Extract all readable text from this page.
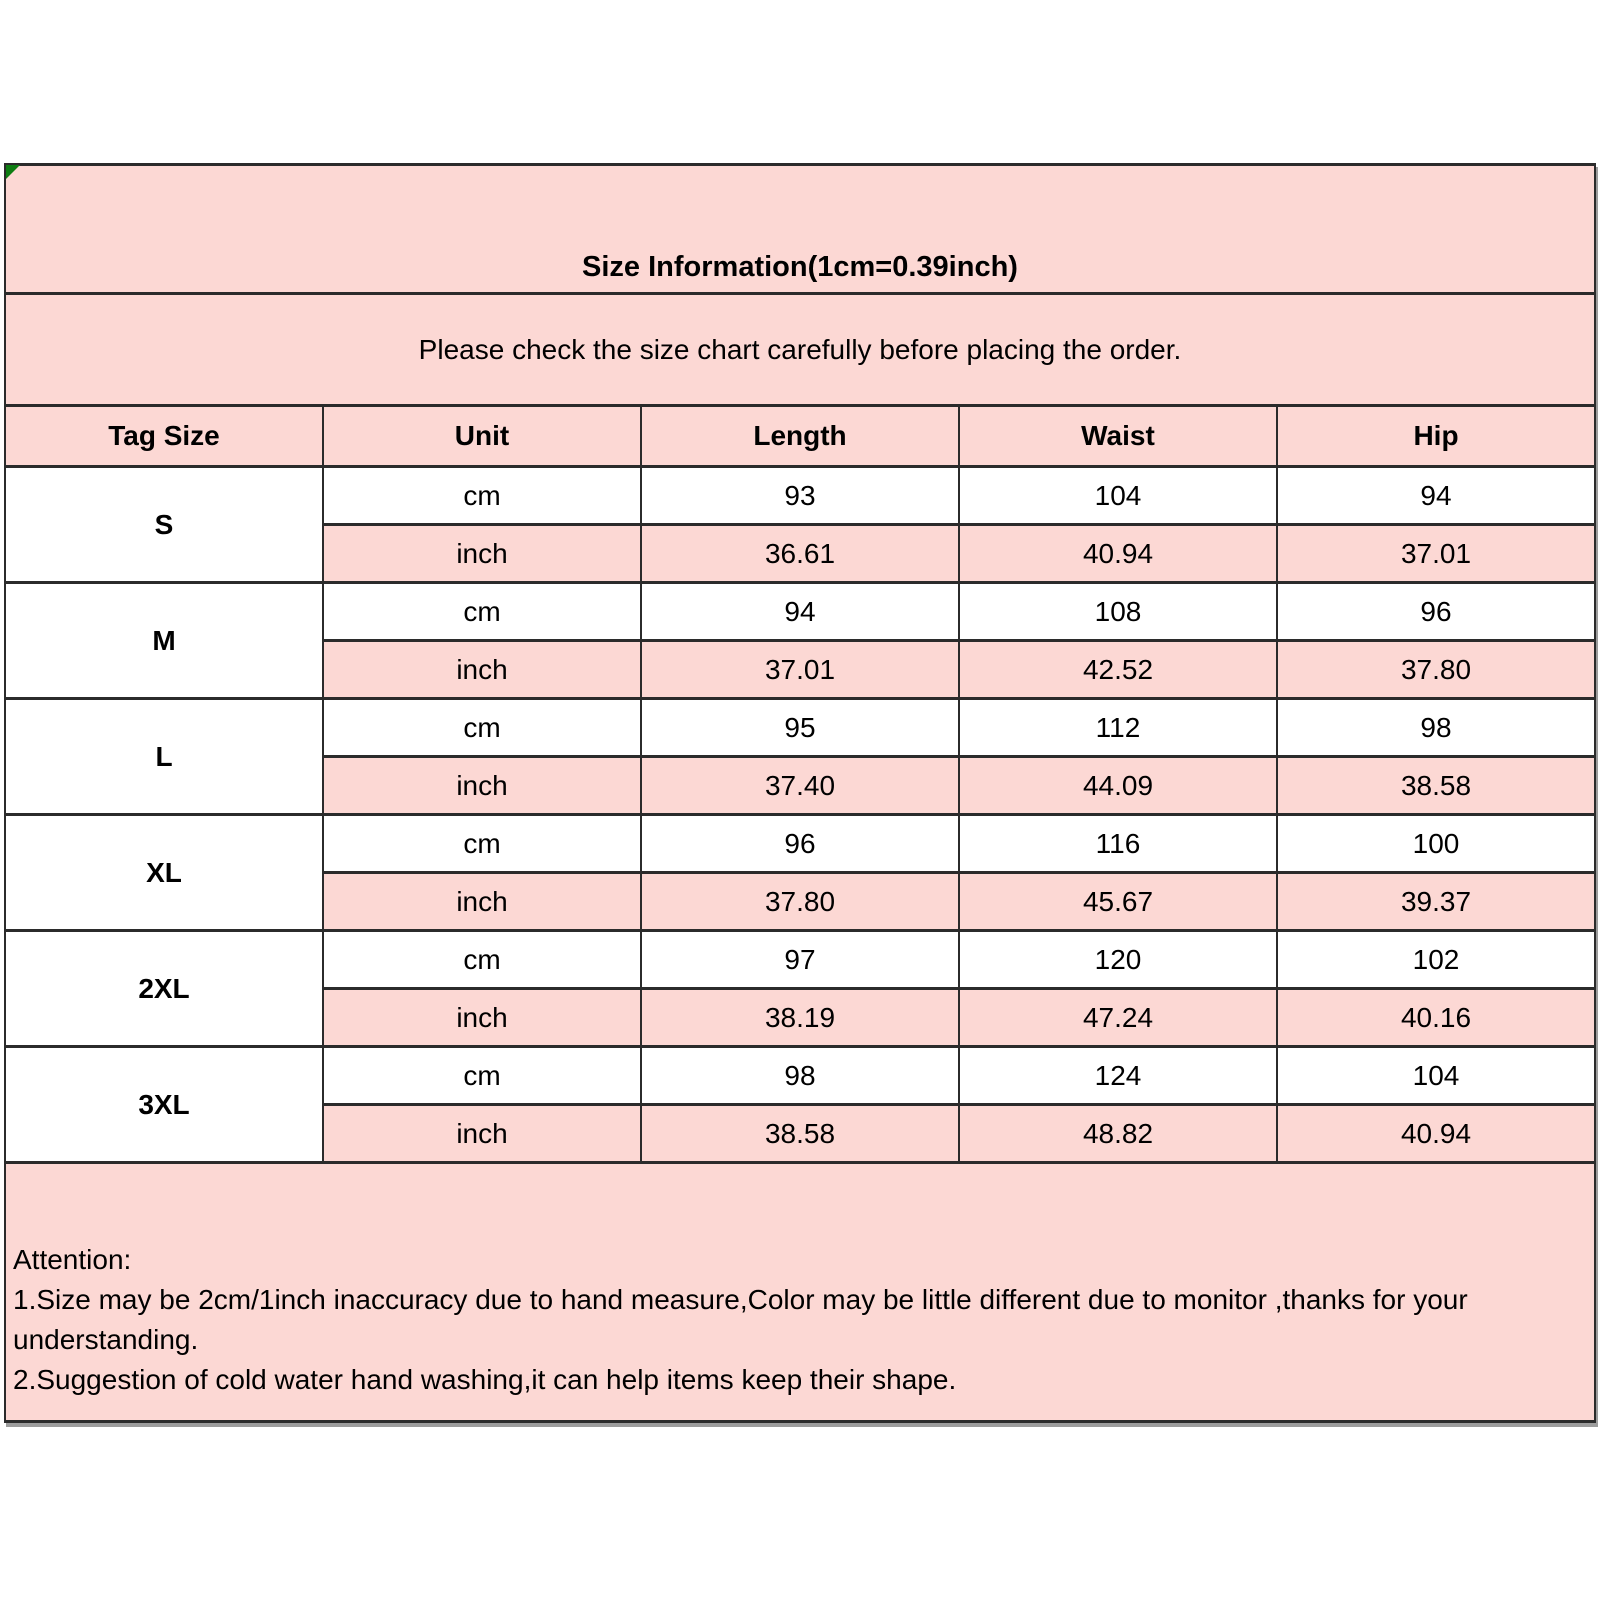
Size Information(1cm=0.39inch)				
Please check the size chart carefully before placing the order.				
Tag Size	Unit	Length	Waist	Hip
S	cm	93	104	94
	inch	36.61	40.94	37.01
M	cm	94	108	96
	inch	37.01	42.52	37.80
L	cm	95	112	98
	inch	37.40	44.09	38.58
XL	cm	96	116	100
	inch	37.80	45.67	39.37
2XL	cm	97	120	102
	inch	38.19	47.24	40.16
3XL	cm	98	124	104
	inch	38.58	48.82	40.94

Attention:
1.Size may be 2cm/1inch inaccuracy due to hand measure,Color may be little different due to monitor ,thanks for your understanding.
2.Suggestion of cold water hand washing,it can help items keep their shape.				
